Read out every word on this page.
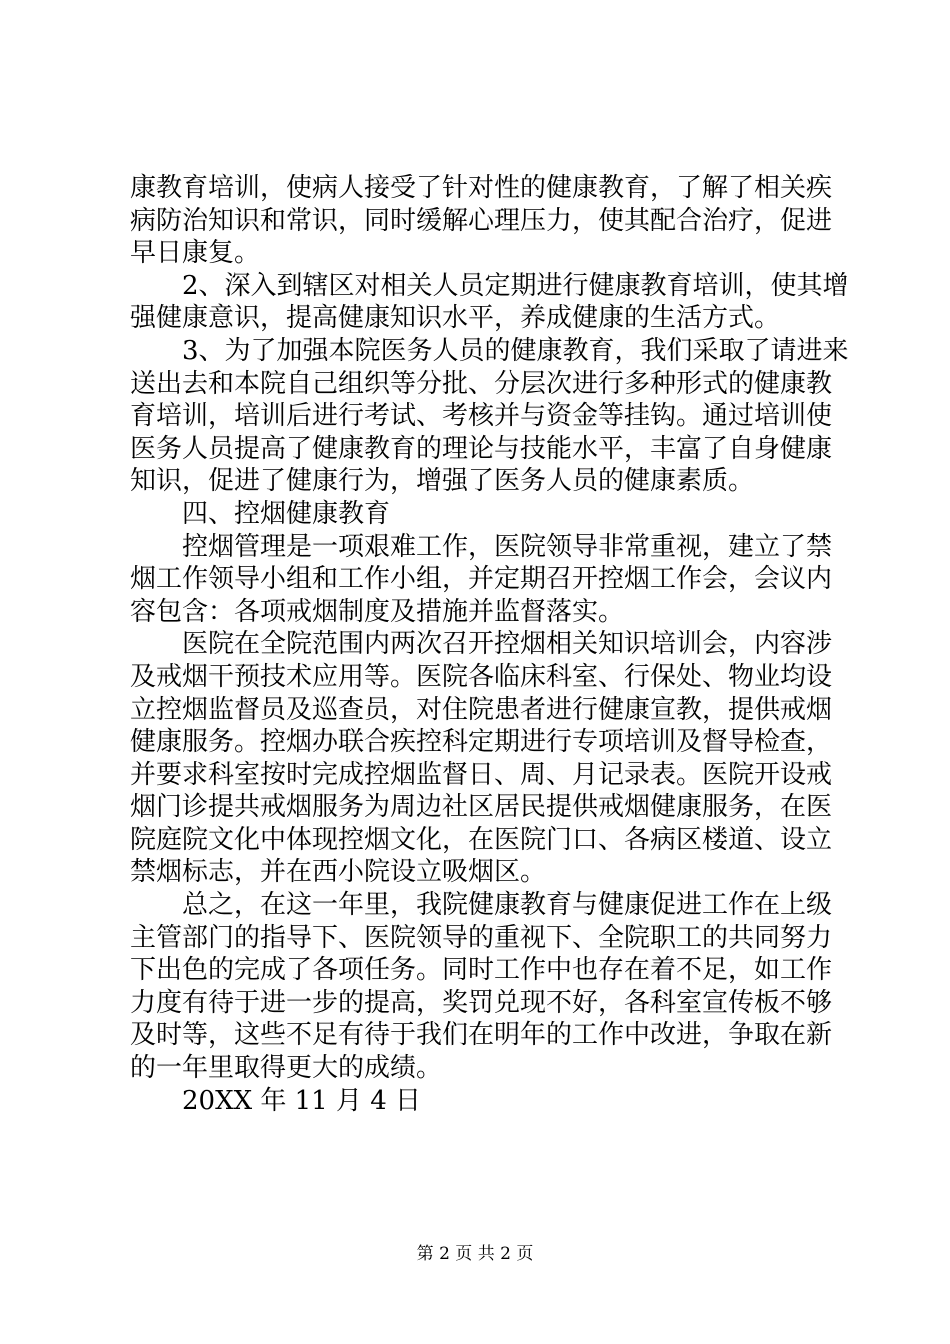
康教育培训，使病人接受了针对性的健康教育，了解了相关疾
病防治知识和常识，同时缓解心理压力，使其配合治疗，促进
早日康复。
2、深入到辖区对相关人员定期进行健康教育培训，使其增
强健康意识，提高健康知识水平，养成健康的生活方式。
3、为了加强本院医务人员的健康教育，我们采取了请进来
送出去和本院自己组织等分批、分层次进行多种形式的健康教
育培训，培训后进行考试、考核并与资金等挂钩。通过培训使
医务人员提高了健康教育的理论与技能水平，丰富了自身健康
知识，促进了健康行为，增强了医务人员的健康素质。
四、控烟健康教育
控烟管理是一项艰难工作，医院领导非常重视，建立了禁
烟工作领导小组和工作小组，并定期召开控烟工作会，会议内
容包含：各项戒烟制度及措施并监督落实。
医院在全院范围内两次召开控烟相关知识培训会，内容涉
及戒烟干预技术应用等。医院各临床科室、行保处、物业均设
立控烟监督员及巡查员，对住院患者进行健康宣教，提供戒烟
健康服务。控烟办联合疾控科定期进行专项培训及督导检查，
并要求科室按时完成控烟监督日、周、月记录表。医院开设戒
烟门诊提共戒烟服务为周边社区居民提供戒烟健康服务，在医
院庭院文化中体现控烟文化，在医院门口、各病区楼道、设立
禁烟标志，并在西小院设立吸烟区。
总之，在这一年里，我院健康教育与健康促进工作在上级
主管部门的指导下、医院领导的重视下、全院职工的共同努力
下出色的完成了各项任务。同时工作中也存在着不足，如工作
力度有待于进一步的提高，奖罚兑现不好，各科室宣传板不够
及时等，这些不足有待于我们在明年的工作中改进，争取在新
的一年里取得更大的成绩。
20XX 年 11 月 4 日
第 2 页 共 2 页
